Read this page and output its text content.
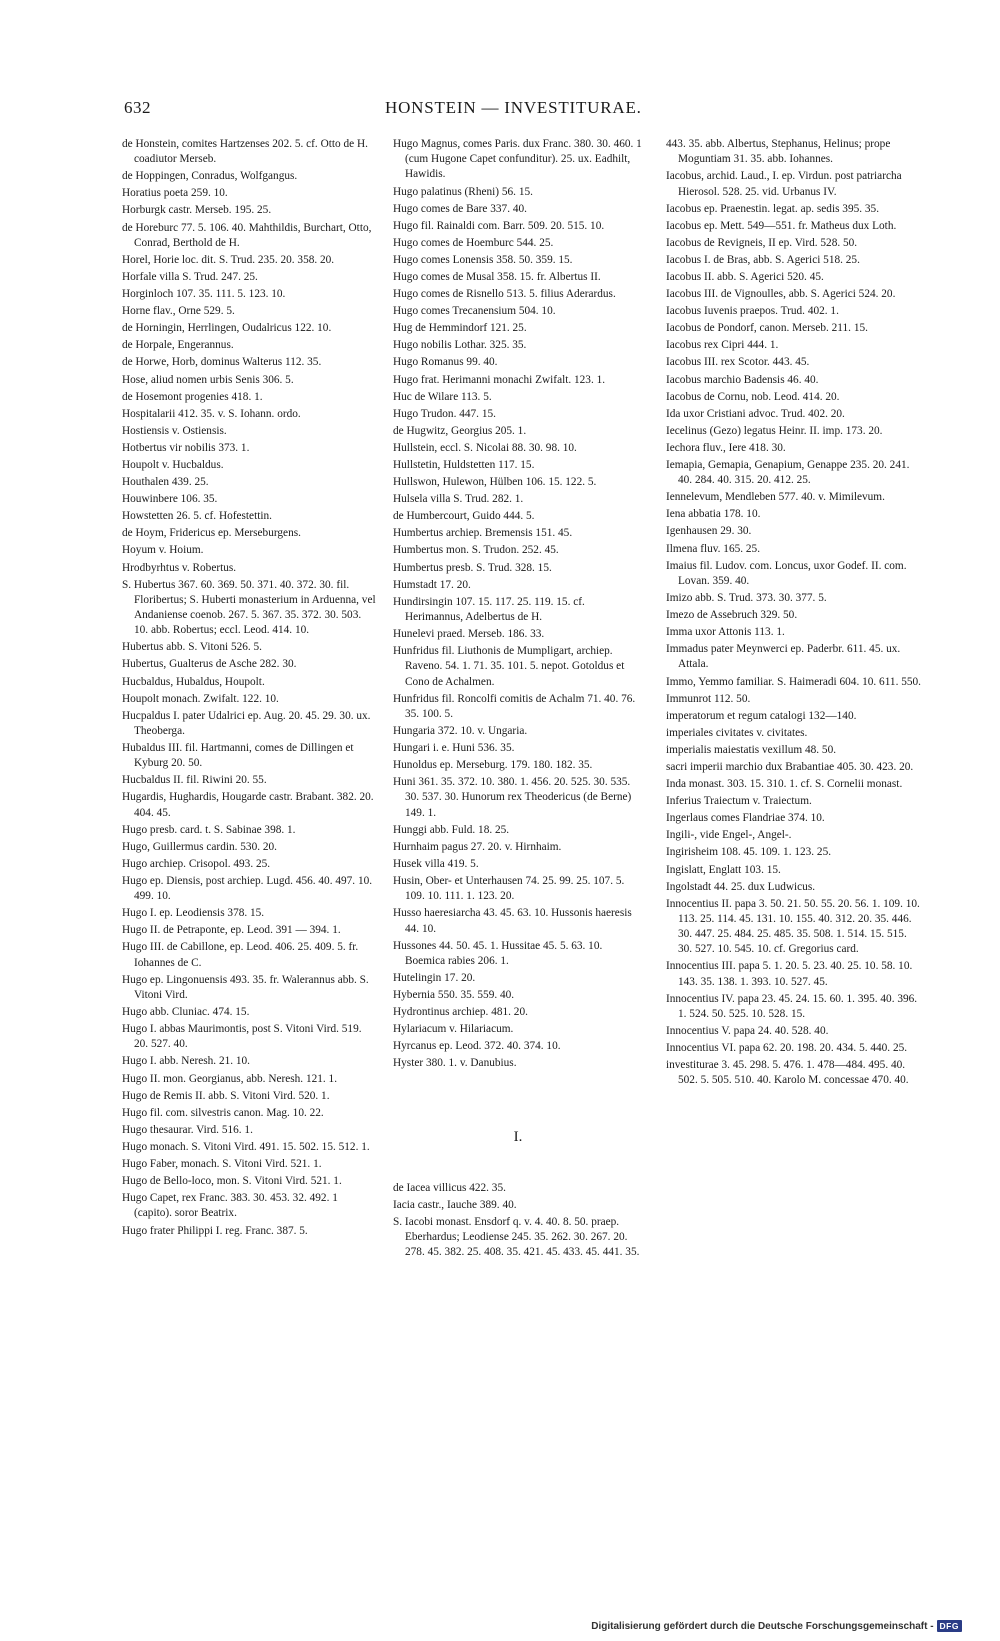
632	HONSTEIN — INVESTITURAE.
de Honstein, comites Hartzenses 202. 5. cf. Otto de H. coadiutor Merseb.
de Hoppingen, Conradus, Wolfgangus.
Horatius poeta 259. 10.
Horburgk castr. Merseb. 195. 25.
de Horeburc 77. 5. 106. 40. Mahthildis, Burchart, Otto, Conrad, Berthold de H.
Horel, Horie loc. dit. S. Trud. 235. 20. 358. 20.
Horfale villa S. Trud. 247. 25.
Horginloch 107. 35. 111. 5. 123. 10.
Horne flav., Orne 529. 5.
de Horningin, Herrlingen, Oudalricus 122. 10.
de Horpale, Engerannus.
de Horwe, Horb, dominus Walterus 112. 35.
Hose, aliud nomen urbis Senis 306. 5.
de Hosemont progenies 418. 1.
Hospitalarii 412. 35. v. S. Iohann. ordo.
Hostiensis v. Ostiensis.
Hotbertus vir nobilis 373. 1.
Houpolt v. Hucbaldus.
Houthalen 439. 25.
Houwinbere 106. 35.
Howstetten 26. 5. cf. Hofestettin.
de Hoym, Fridericus ep. Merseburgens.
Hoyum v. Hoium.
Hrodbyrhtus v. Robertus.
S. Hubertus 367. 60. 369. 50. 371. 40. 372. 30. fil. Floribertus; S. Huberti monasterium in Arduenna, vel Andaniense coenob. 267. 5. 367. 35. 372. 30. 503. 10. abb. Robertus; eccl. Leod. 414. 10.
Hubertus abb. S. Vitoni 526. 5.
Hubertus, Gualterus de Asche 282. 30.
Hucbaldus, Hubaldus, Houpolt.
Houpolt monach. Zwifalt. 122. 10.
Hucpaldus I. pater Udalrici ep. Aug. 20. 45. 29. 30. ux. Theoberga.
Hubaldus III. fil. Hartmanni, comes de Dillingen et Kyburg 20. 50.
Hucbaldus II. fil. Riwini 20. 55.
Hugardis, Hughardis, Hougarde castr. Brabant. 382. 20. 404. 45.
Hugo presb. card. t. S. Sabinae 398. 1.
Hugo, Guillermus cardin. 530. 20.
Hugo archiep. Crisopol. 493. 25.
Hugo ep. Diensis, post archiep. Lugd. 456. 40. 497. 10. 499. 10.
Hugo I. ep. Leodiensis 378. 15.
Hugo II. de Petraponte, ep. Leod. 391 — 394. 1.
Hugo III. de Cabillone, ep. Leod. 406. 25. 409. 5. fr. Iohannes de C.
Hugo ep. Lingonuensis 493. 35. fr. Walerannus abb. S. Vitoni Vird.
Hugo abb. Cluniac. 474. 15.
Hugo I. abbas Maurimontis, post S. Vitoni Vird. 519. 20. 527. 40.
Hugo I. abb. Neresh. 21. 10.
Hugo II. mon. Georgianus, abb. Neresh. 121. 1.
Hugo de Remis II. abb. S. Vitoni Vird. 520. 1.
Hugo fil. com. silvestris canon. Mag. 10. 22.
Hugo thesaurar. Vird. 516. 1.
Hugo monach. S. Vitoni Vird. 491. 15. 502. 15. 512. 1.
Hugo Faber, monach. S. Vitoni Vird. 521. 1.
Hugo de Bello-loco, mon. S. Vitoni Vird. 521. 1.
Hugo Capet, rex Franc. 383. 30. 453. 32. 492. 1 (capito). soror Beatrix.
Hugo frater Philippi I. reg. Franc. 387. 5.
Hugo Magnus, comes Paris. dux Franc. 380. 30. 460. 1 (cum Hugone Capet confunditur). 25. ux. Eadhilt, Hawidis.
Hugo palatinus (Rheni) 56. 15.
Hugo comes de Bare 337. 40.
Hugo fil. Rainaldi com. Barr. 509. 20. 515. 10.
Hugo comes de Hoemburc 544. 25.
Hugo comes Lonensis 358. 50. 359. 15.
Hugo comes de Musal 358. 15. fr. Albertus II.
Hugo comes de Risnello 513. 5. filius Aderardus.
Hugo comes Trecanensium 504. 10.
Hug de Hemmindorf 121. 25.
Hugo nobilis Lothar. 325. 35.
Hugo Romanus 99. 40.
Hugo frat. Herimanni monachi Zwifalt. 123. 1.
Huc de Wilare 113. 5.
Hugo Trudon. 447. 15.
de Hugwitz, Georgius 205. 1.
Hullstein, eccl. S. Nicolai 88. 30. 98. 10.
Hullstetin, Huldstetten 117. 15.
Hullswon, Hulewon, Hülben 106. 15. 122. 5.
Hulsela villa S. Trud. 282. 1.
de Humbercourt, Guido 444. 5.
Humbertus archiep. Bremensis 151. 45.
Humbertus mon. S. Trudon. 252. 45.
Humbertus presb. S. Trud. 328. 15.
Humstadt 17. 20.
Hundirsingin 107. 15. 117. 25. 119. 15. cf. Herimannus, Adelbertus de H.
Hunelevi praed. Merseb. 186. 33.
Hunfridus fil. Liuthonis de Mumpligart, archiep. Raveno. 54. 1. 71. 35. 101. 5. nepot. Gotoldus et Cono de Achalmen.
Hunfridus fil. Roncolfi comitis de Achalm 71. 40. 76. 35. 100. 5.
Hungaria 372. 10. v. Ungaria.
Hungari i. e. Huni 536. 35.
Hunoldus ep. Merseburg. 179. 180. 182. 35.
Huni 361. 35. 372. 10. 380. 1. 456. 20. 525. 30. 535. 30. 537. 30. Hunorum rex Theodericus (de Berne) 149. 1.
Hunggi abb. Fuld. 18. 25.
Hurnhaim pagus 27. 20. v. Hirnhaim.
Husek villa 419. 5.
Husin, Ober- et Unterhausen 74. 25. 99. 25. 107. 5. 109. 10. 111. 1. 123. 20.
Husso haeresiarcha 43. 45. 63. 10. Hussonis haeresis 44. 10.
Hussones 44. 50. 45. 1. Hussitae 45. 5. 63. 10. Boemica rabies 206. 1.
Hutelingin 17. 20.
Hybernia 550. 35. 559. 40.
Hydrontinus archiep. 481. 20.
Hylariacum v. Hilariacum.
Hyrcanus ep. Leod. 372. 40. 374. 10.
Hyster 380. 1. v. Danubius.
I.
de Iacea villicus 422. 35.
Iacia castr., Iauche 389. 40.
S. Iacobi monast. Ensdorf q. v. 4. 40. 8. 50. praep. Eberhardus; Leodiense 245. 35. 262. 30. 267. 20. 278. 45. 382. 25. 408. 35. 421. 45. 433. 45. 441. 35.
443. 35. abb. Albertus, Stephanus, Helinus; prope Moguntiam 31. 35. abb. Iohannes.
Iacobus, archid. Laud., I. ep. Virdun. post patriarcha Hierosol. 528. 25. vid. Urbanus IV.
Iacobus ep. Praenestin. legat. ap. sedis 395. 35.
Iacobus ep. Mett. 549—551. fr. Matheus dux Loth.
Iacobus de Revigneis, II ep. Vird. 528. 50.
Iacobus I. de Bras, abb. S. Agerici 518. 25.
Iacobus II. abb. S. Agerici 520. 45.
Iacobus III. de Vignoulles, abb. S. Agerici 524. 20.
Iacobus Iuvenis praepos. Trud. 402. 1.
Iacobus de Pondorf, canon. Merseb. 211. 15.
Iacobus rex Cipri 444. 1.
Iacobus III. rex Scotor. 443. 45.
Iacobus marchio Badensis 46. 40.
Iacobus de Cornu, nob. Leod. 414. 20.
Ida uxor Cristiani advoc. Trud. 402. 20.
Iecelinus (Gezo) legatus Heinr. II. imp. 173. 20.
Iechora fluv., Iere 418. 30.
Iemapia, Gemapia, Genapium, Genappe 235. 20. 241. 40. 284. 40. 315. 20. 412. 25.
Iennelevum, Mendleben 577. 40. v. Mimilevum.
Iena abbatia 178. 10.
Igenhausen 29. 30.
Ilmena fluv. 165. 25.
Imaius fil. Ludov. com. Loncus, uxor Godef. II. com. Lovan. 359. 40.
Imizo abb. S. Trud. 373. 30. 377. 5.
Imezo de Assebruch 329. 50.
Imma uxor Attonis 113. 1.
Immadus pater Meynwerci ep. Paderbr. 611. 45. ux. Attala.
Immo, Yemmo familiar. S. Haimeradi 604. 10. 611. 550.
Immunrot 112. 50.
imperatorum et regum catalogi 132—140.
imperiales civitates v. civitates.
imperialis maiestatis vexillum 48. 50.
sacri imperii marchio dux Brabantiae 405. 30. 423. 20.
Inda monast. 303. 15. 310. 1. cf. S. Cornelii monast.
Inferius Traiectum v. Traiectum.
Ingerlaus comes Flandriae 374. 10.
Ingili-, vide Engel-, Angel-.
Ingirisheim 108. 45. 109. 1. 123. 25.
Ingislatt, Englatt 103. 15.
Ingolstadt 44. 25. dux Ludwicus.
Innocentius II. papa 3. 50. 21. 50. 55. 20. 56. 1. 109. 10. 113. 25. 114. 45. 131. 10. 155. 40. 312. 20. 35. 446. 30. 447. 25. 484. 25. 485. 35. 508. 1. 514. 15. 515. 30. 527. 10. 545. 10. cf. Gregorius card.
Innocentius III. papa 5. 1. 20. 5. 23. 40. 25. 10. 58. 10. 143. 35. 138. 1. 393. 10. 527. 45.
Innocentius IV. papa 23. 45. 24. 15. 60. 1. 395. 40. 396. 1. 524. 50. 525. 10. 528. 15.
Innocentius V. papa 24. 40. 528. 40.
Innocentius VI. papa 62. 20. 198. 20. 434. 5. 440. 25.
investiturae 3. 45. 298. 5. 476. 1. 478—484. 495. 40. 502. 5. 505. 510. 40. Karolo M. concessae 470. 40.
Digitalisierung gefördert durch die Deutsche Forschungsgemeinschaft - DFG
